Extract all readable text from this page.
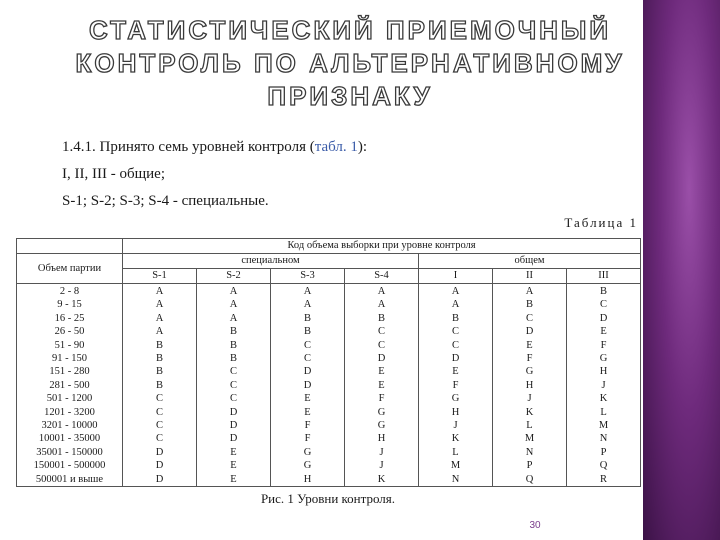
СТАТИСТИЧЕСКИЙ ПРИЕМОЧНЫЙ КОНТРОЛЬ ПО АЛЬТЕРНАТИВНОМУ ПРИЗНАКУ
1.4.1. Принято семь уровней контроля (табл. 1):
I, II, III - общие;
S-1; S-2; S-3; S-4 - специальные.
Таблица 1
	Код объема выборки при уровне контроля						
Объем партии	специальном				общем		
	S-1	S-2	S-3	S-4	I	II	III
2 - 8	A	A	A	A	A	A	B
9 - 15	A	A	A	A	A	B	C
16 - 25	A	A	B	B	B	C	D
26 - 50	A	B	B	C	C	D	E
51 - 90	B	B	C	C	C	E	F
91 - 150	B	B	C	D	D	F	G
151 - 280	B	C	D	E	E	G	H
281 - 500	B	C	D	E	F	H	J
501 - 1200	C	C	E	F	G	J	K
1201 - 3200	C	D	E	G	H	K	L
3201 - 10000	C	D	F	G	J	L	M
10001 - 35000	C	D	F	H	K	M	N
35001 - 150000	D	E	G	J	L	N	P
150001 - 500000	D	E	G	J	M	P	Q
500001 и выше	D	E	H	K	N	Q	R
Рис. 1 Уровни контроля.
30
